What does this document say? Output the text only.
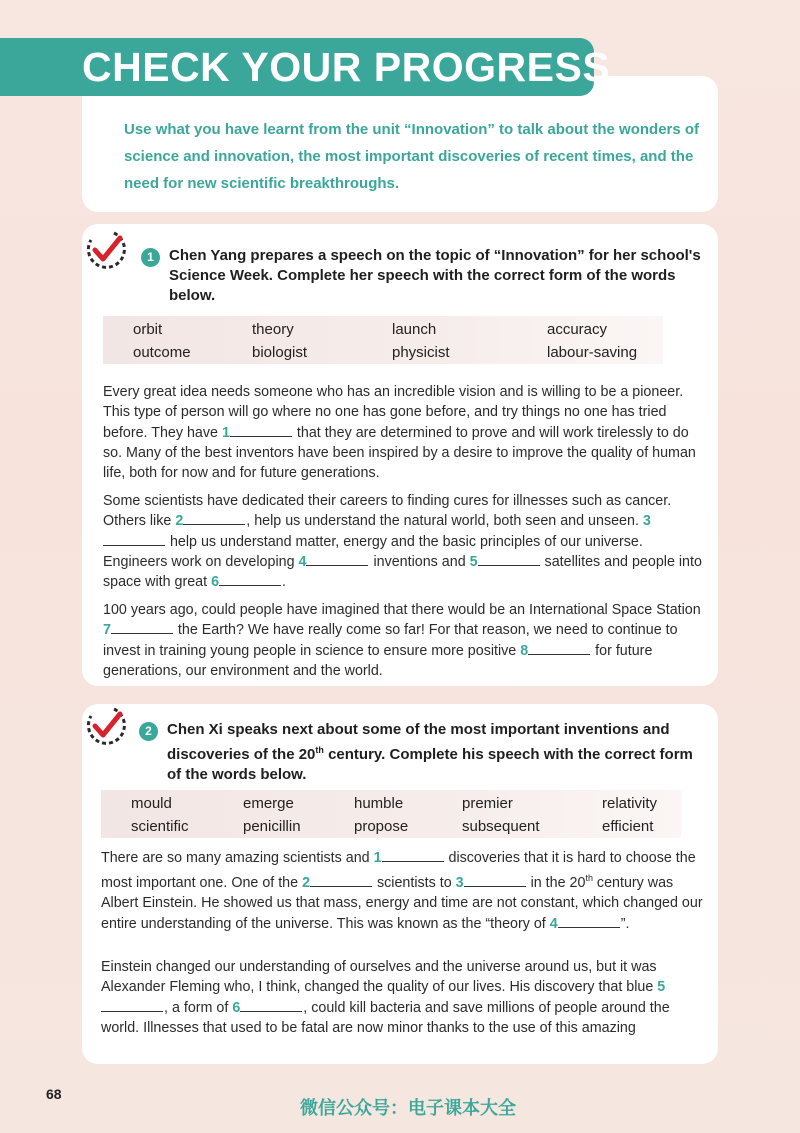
CHECK YOUR PROGRESS
Use what you have learnt from the unit “Innovation” to talk about the wonders of science and innovation, the most important discoveries of recent times, and the need for new scientific breakthroughs.
1	Chen Yang prepares a speech on the topic of “Innovation” for her school's Science Week. Complete her speech with the correct form of the words below.
orbit	theory	launch	accuracy
outcome	biologist	physicist	labour-saving

Every great idea needs someone who has an incredible vision and is willing to be a pioneer. This type of person will go where no one has gone before, and try things no one has tried before. They have 1	that they are determined to prove and will work tirelessly to do so. Many of the best inventors have been inspired by a desire to improve the quality of human life, both for now and for future generations.

Some scientists have dedicated their careers to finding cures for illnesses such as cancer. Others like 2	, help us understand the natural world, both seen and unseen. 3 help us understand matter, energy and the basic principles of our universe. Engineers work on developing 4	inventions and 5	satellites and people into space with great 6	.

100 years ago, could people have imagined that there would be an International Space Station 7	the Earth? We have really come so far! For that reason, we need to continue to invest in training young people in science to ensure more positive 8	for future generations, our environment and the world.

2	Chen Xi speaks next about some of the most important inventions and discoveries of the 20th century. Complete his speech with the correct form of the words below.
mould	emerge	humble	premier	relativity
scientific	penicillin	propose	subsequent	efficient

There are so many amazing scientists and 1	discoveries that it is hard to choose the most important one. One of the 2	scientists to 3	in the 20th century was Albert Einstein. He showed us that mass, energy and time are not constant, which changed our entire understanding of the universe. This was known as the “theory of 4	”.

Einstein changed our understanding of ourselves and the universe around us, but it was Alexander Fleming who, I think, changed the quality of our lives. His discovery that blue 5, a form of 6	, could kill bacteria and save millions of people around the world. Illnesses that used to be fatal are now minor thanks to the use of this amazing

68
微信公众号：电子课本大全
